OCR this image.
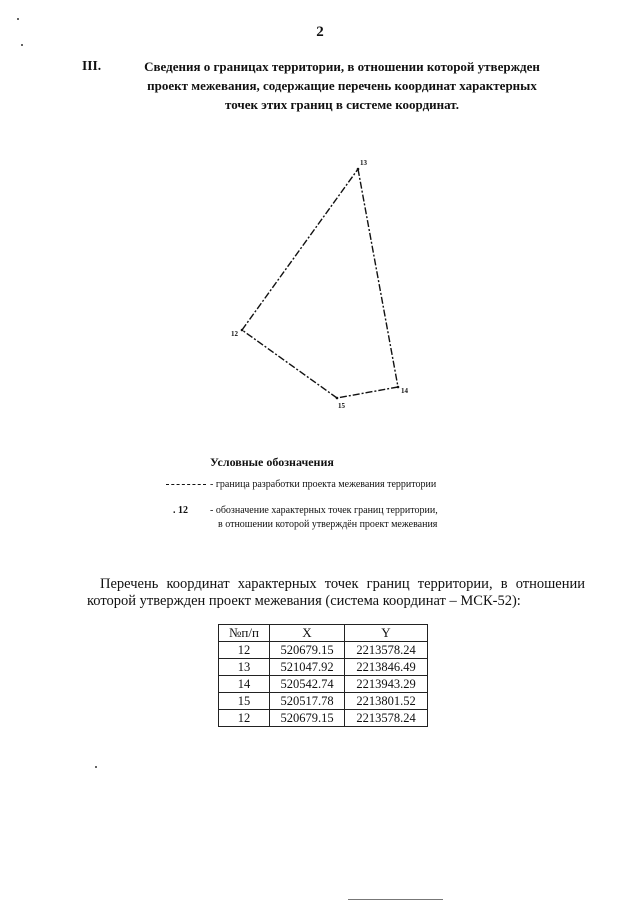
2
III.	Сведения о границах территории, в отношении которой утвержден
проект межевания, содержащие перечень координат характерных
точек этих границ в системе координат.
12
13
14
15
Условные обозначения
- граница разработки проекта межевания территории
. 12 - обозначение характерных точек границ территории,
в отношении которой утверждён проект межевания
Перечень координат характерных точек границ территории, в отношении
которой утвержден проект межевания (система координат – МСК-52):
№п/п	X	Y
12	520679.15	2213578.24
13	521047.92	2213846.49
14	520542.74	2213943.29
15	520517.78	2213801.52
12	520679.15	2213578.24
